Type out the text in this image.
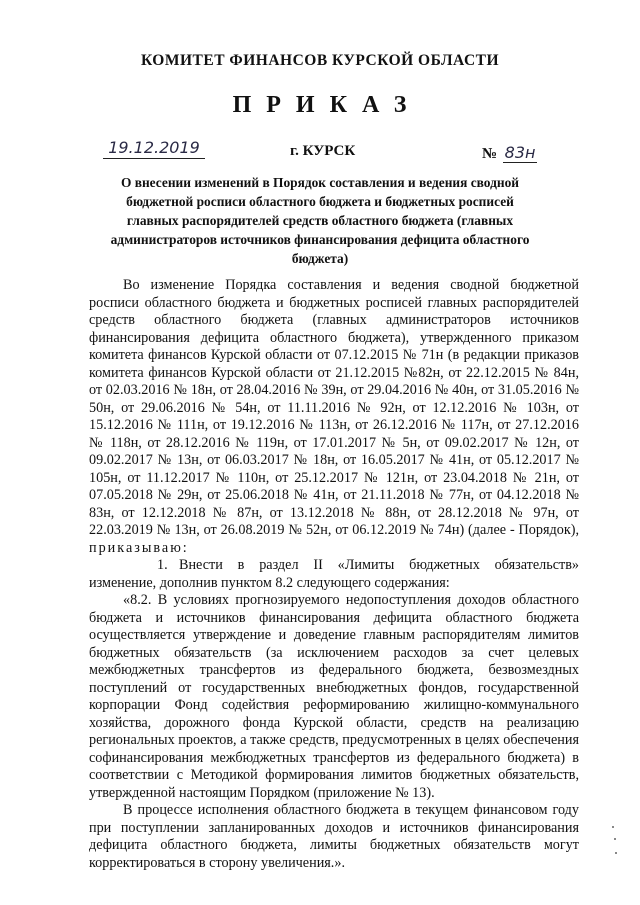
КОМИТЕТ ФИНАНСОВ КУРСКОЙ ОБЛАСТИ
ПРИКАЗ
19.12.2019	г. КУРСК	№ 83н
О внесении изменений в Порядок составления и ведения сводной бюджетной росписи областного бюджета и бюджетных росписей главных распорядителей средств областного бюджета (главных администраторов источников финансирования дефицита областного бюджета)

Во изменение Порядка составления и ведения сводной бюджетной росписи областного бюджета и бюджетных росписей главных распорядителей средств областного бюджета (главных администраторов источников финансирования дефицита областного бюджета), утвержденного приказом комитета финансов Курской области от 07.12.2015 № 71н (в редакции приказов комитета финансов Курской области от 21.12.2015 №82н, от 22.12.2015 № 84н, от 02.03.2016 № 18н, от 28.04.2016 № 39н, от 29.04.2016 № 40н, от 31.05.2016 № 50н, от 29.06.2016 № 54н, от 11.11.2016 № 92н, от 12.12.2016 № 103н, от 15.12.2016 № 111н, от 19.12.2016 № 113н, от 26.12.2016 № 117н, от 27.12.2016 № 118н, от 28.12.2016 № 119н, от 17.01.2017 № 5н, от 09.02.2017 № 12н, от 09.02.2017 № 13н, от 06.03.2017 № 18н, от 16.05.2017 № 41н, от 05.12.2017 № 105н, от 11.12.2017 № 110н, от 25.12.2017 № 121н, от 23.04.2018 № 21н, от 07.05.2018 № 29н, от 25.06.2018 № 41н, от 21.11.2018 № 77н, от 04.12.2018 № 83н, от 12.12.2018 № 87н, от 13.12.2018 № 88н, от 28.12.2018 № 97н, от 22.03.2019 № 13н, от 26.08.2019 № 52н, от 06.12.2019 № 74н) (далее - Порядок), приказываю:

1. Внести в раздел II «Лимиты бюджетных обязательств» изменение, дополнив пунктом 8.2 следующего содержания:

«8.2. В условиях прогнозируемого недопоступления доходов областного бюджета и источников финансирования дефицита областного бюджета осуществляется утверждение и доведение главным распорядителям лимитов бюджетных обязательств (за исключением расходов за счет целевых межбюджетных трансфертов из федерального бюджета, безвозмездных поступлений от государственных внебюджетных фондов, государственной корпорации Фонд содействия реформированию жилищно-коммунального хозяйства, дорожного фонда Курской области, средств на реализацию региональных проектов, а также средств, предусмотренных в целях обеспечения софинансирования межбюджетных трансфертов из федерального бюджета) в соответствии с Методикой формирования лимитов бюджетных обязательств, утвержденной настоящим Порядком (приложение № 13).

В процессе исполнения областного бюджета в текущем финансовом году при поступлении запланированных доходов и источников финансирования дефицита областного бюджета, лимиты бюджетных обязательств могут корректироваться в сторону увеличения.».
